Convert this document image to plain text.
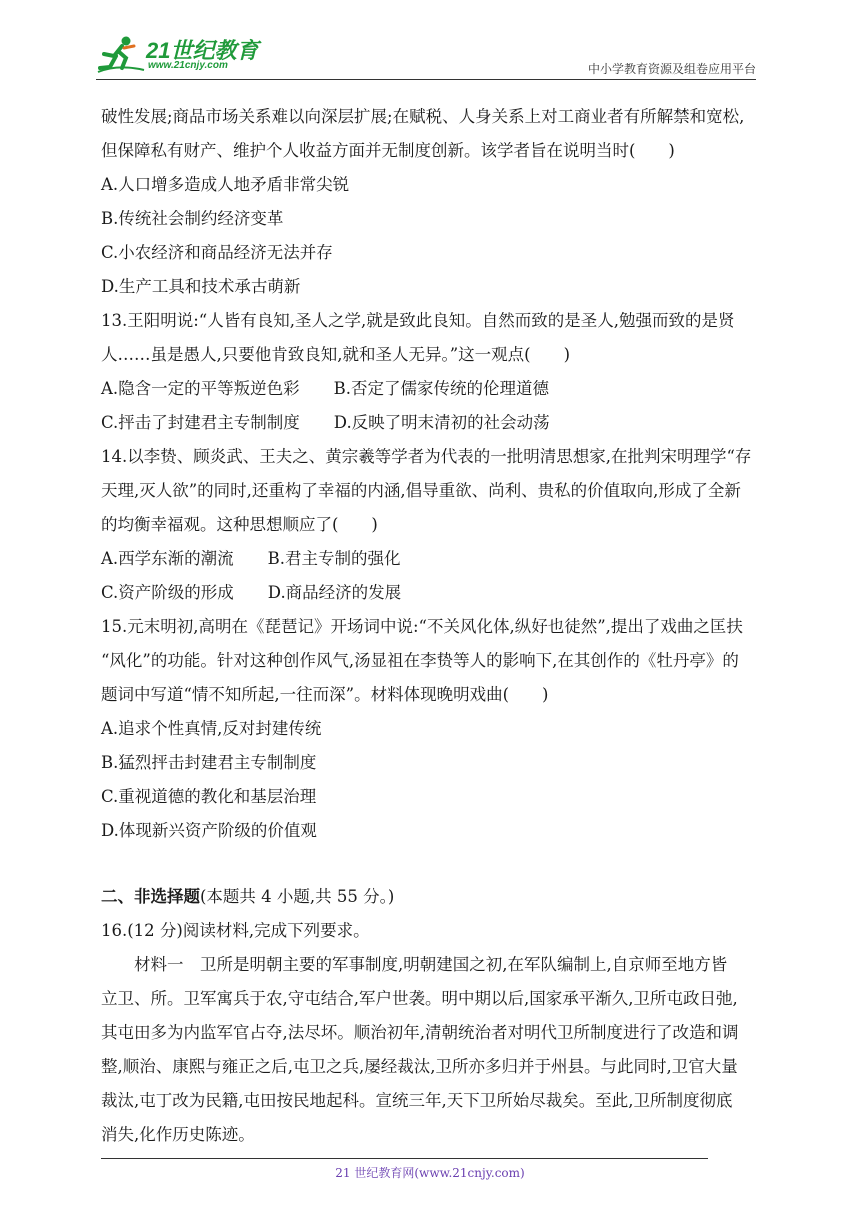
21世纪教育
www.21cnjy.com	中小学教育资源及组卷应用平台

破性发展;商品市场关系难以向深层扩展;在赋税、人身关系上对工商业者有所解禁和宽松,

但保障私有财产、维护个人收益方面并无制度创新。该学者旨在说明当时(　　)

A.人口增多造成人地矛盾非常尖锐

B.传统社会制约经济变革

C.小农经济和商品经济无法并存

D.生产工具和技术承古萌新

13.王阳明说:“人皆有良知,圣人之学,就是致此良知。自然而致的是圣人,勉强而致的是贤

人……虽是愚人,只要他肯致良知,就和圣人无异。”这一观点(　　)

A.隐含一定的平等叛逆色彩 B.否定了儒家传统的伦理道德
C.抨击了封建君主专制制度 D.反映了明末清初的社会动荡

14.以李贽、顾炎武、王夫之、黄宗羲等学者为代表的一批明清思想家,在批判宋明理学“存

天理,灭人欲”的同时,还重构了幸福的内涵,倡导重欲、尚利、贵私的价值取向,形成了全新

的均衡幸福观。这种思想顺应了(　　)

A.西学东渐的潮流 B.君主专制的强化
C.资产阶级的形成 D.商品经济的发展

15.元末明初,高明在《琵琶记》开场词中说:“不关风化体,纵好也徒然”,提出了戏曲之匡扶

“风化”的功能。针对这种创作风气,汤显祖在李贽等人的影响下,在其创作的《牡丹亭》的

题词中写道“情不知所起,一往而深”。材料体现晚明戏曲(　　)

A.追求个性真情,反对封建传统

B.猛烈抨击封建君主专制制度

C.重视道德的教化和基层治理

D.体现新兴资产阶级的价值观

二、非选择题(本题共 4 小题,共 55 分。)

16.(12 分)阅读材料,完成下列要求。

材料一　卫所是明朝主要的军事制度,明朝建国之初,在军队编制上,自京师至地方皆

立卫、所。卫军寓兵于农,守屯结合,军户世袭。明中期以后,国家承平渐久,卫所屯政日弛,

其屯田多为内监军官占夺,法尽坏。顺治初年,清朝统治者对明代卫所制度进行了改造和调

整,顺治、康熙与雍正之后,屯卫之兵,屡经裁汰,卫所亦多归并于州县。与此同时,卫官大量

裁汰,屯丁改为民籍,屯田按民地起科。宣统三年,天下卫所始尽裁矣。至此,卫所制度彻底

消失,化作历史陈迹。

21 世纪教育网(www.21cnjy.com)
